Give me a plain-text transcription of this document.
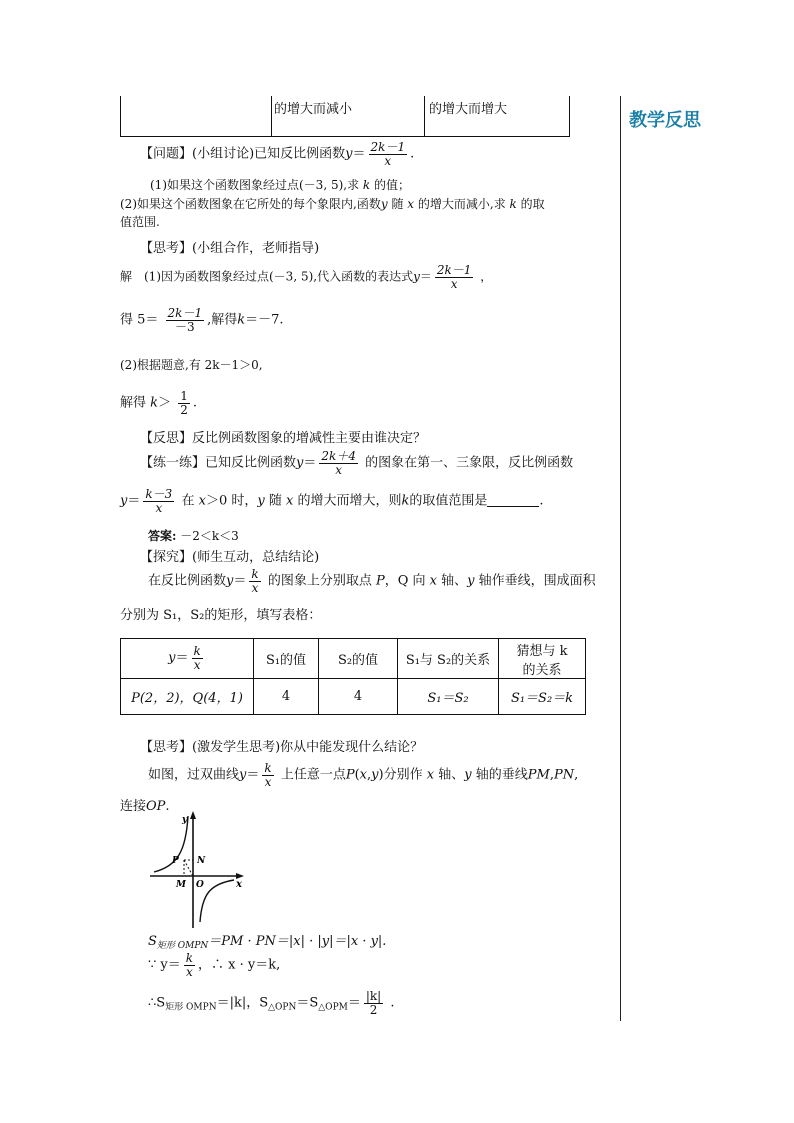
教学反思
	的增大而减小	的增大而增大
【问题】(小组讨论)已知反比例函数$y= \frac{2k-1}{x}$ .
(1)如果这个函数图象经过点(－3, 5),求 k 的值；
(2)如果这个函数图象在它所处的每个象限内,函数y 随 x 的增大而减小,求 k 的取
值范围.
【思考】(小组合作，老师指导)
解　(1)因为函数图象经过点(－3, 5),代入函数的表达式$y= \frac{2k-1}{x}$ ，
得 $5= \frac{2k-1}{-3}$ ,解得k＝－7.
(2)根据题意,有 2k－1＞0,
解得 $k> \frac{1}{2}$ .
【反思】反比例函数图象的增减性主要由谁决定？
【练一练】已知反比例函数$y= \frac{2k+4}{x}$ 的图象在第一、三象限，反比例函数
$y= \frac{k-3}{x}$ 在 x＞0 时，y 随 x 的增大而增大，则k的取值范围是	.
答案: －2＜k＜3
【探究】(师生互动，总结结论)
在反比例函数$y= \frac{k}{x}$ 的图象上分别取点 P，Q 向 x 轴、y 轴作垂线，围成面积
分别为 S₁，S₂的矩形，填写表格：
$y= \frac{k}{x}$	S₁的值	S₂的值	S₁与 S₂的关系	猜想与 k 的关系
P(2，2)，Q(4，1)	4	4	S₁＝S₂	S₁＝S₂＝k
【思考】(激发学生思考)你从中能发现什么结论？
如图，过双曲线$y= \frac{k}{x}$ 上任意一点P(x,y)分别作 x 轴、y 轴的垂线PM,PN,
连接OP.
y
x
P N
M O
$S_{矩形 OMPN}=PM \cdot PN=|x| \cdot |y|=|x \cdot y|$.
∵ $y= \frac{k}{x}$ ，∴ x · y＝k,
$\therefore S_{矩形 OMPN}=|k|$，$S_{\triangle OPN}=S_{\triangle OPM}= \frac{|k|}{2}$ .
